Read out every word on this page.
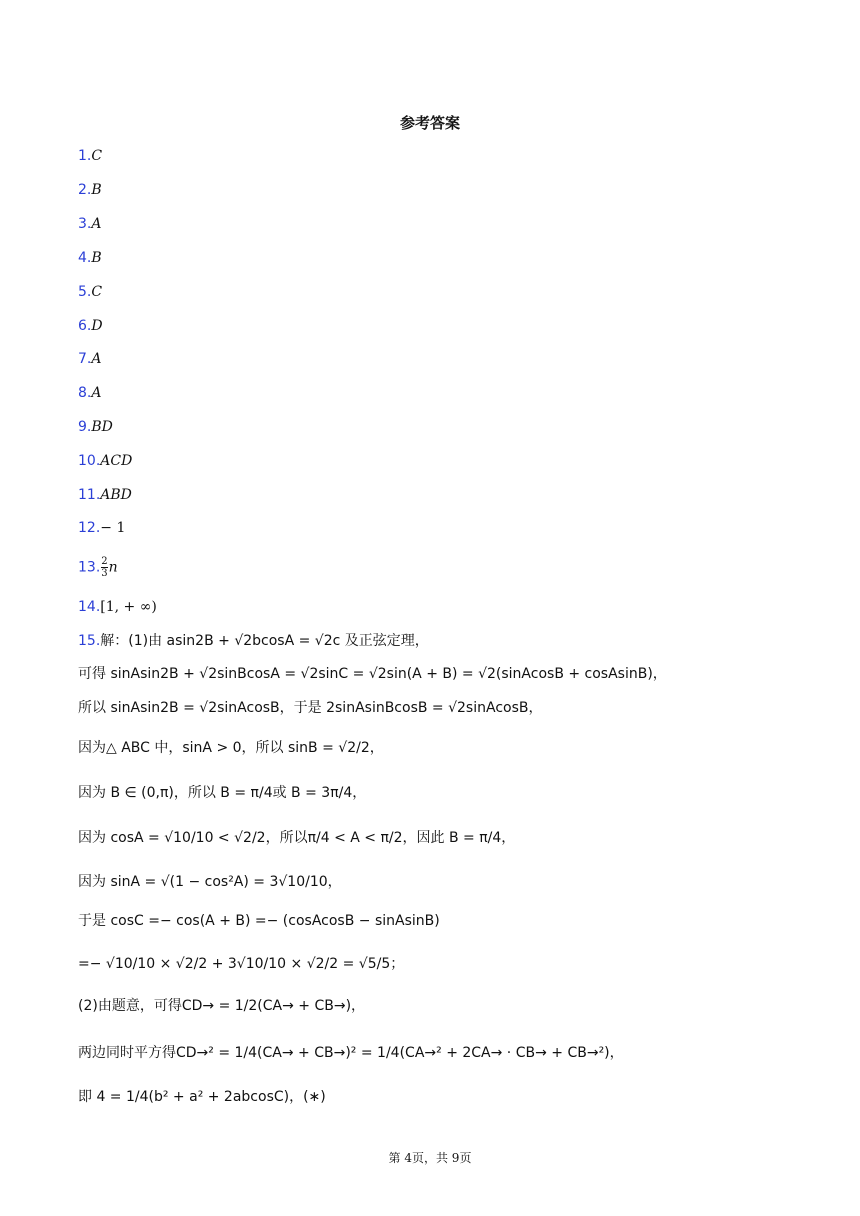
参考答案
1.C
2.B
3.A
4.B
5.C
6.D
7.A
8.A
9.BD
10.ACD
11.ABD
12.− 1
13. $\frac{2}{3}$ n
14.[1, + ∞)
15.解：(1)由 asin2B + √2bcosA = √2c 及正弦定理，
可得 sinAsin2B + √2sinBcosA = √2sinC = √2sin(A + B) = √2(sinAcosB + cosAsinB)，
所以 sinAsin2B = √2sinAcosB，于是 2sinAsinBcosB = √2sinAcosB，
因为△ ABC 中，sinA > 0，所以 sinB = √2/2，
因为 B ∈ (0,π)，所以 B = π/4或 B = 3π/4，
因为 cosA = √10/10 < √2/2，所以π/4 < A < π/2，因此 B = π/4，
因为 sinA = √(1 − cos²A) = 3√10/10，
于是 cosC =− cos(A + B) =− (cosAcosB − sinAsinB)
=− √10/10 × √2/2 + 3√10/10 × √2/2 = √5/5；
(2)由题意，可得CD→ = 1/2(CA→ + CB→)，
两边同时平方得CD→² = 1/4(CA→ + CB→)² = 1/4(CA→² + 2CA→ · CB→ + CB→²)，
即 4 = 1/4(b² + a² + 2abcosC)，(∗)
第 4页，共 9页
